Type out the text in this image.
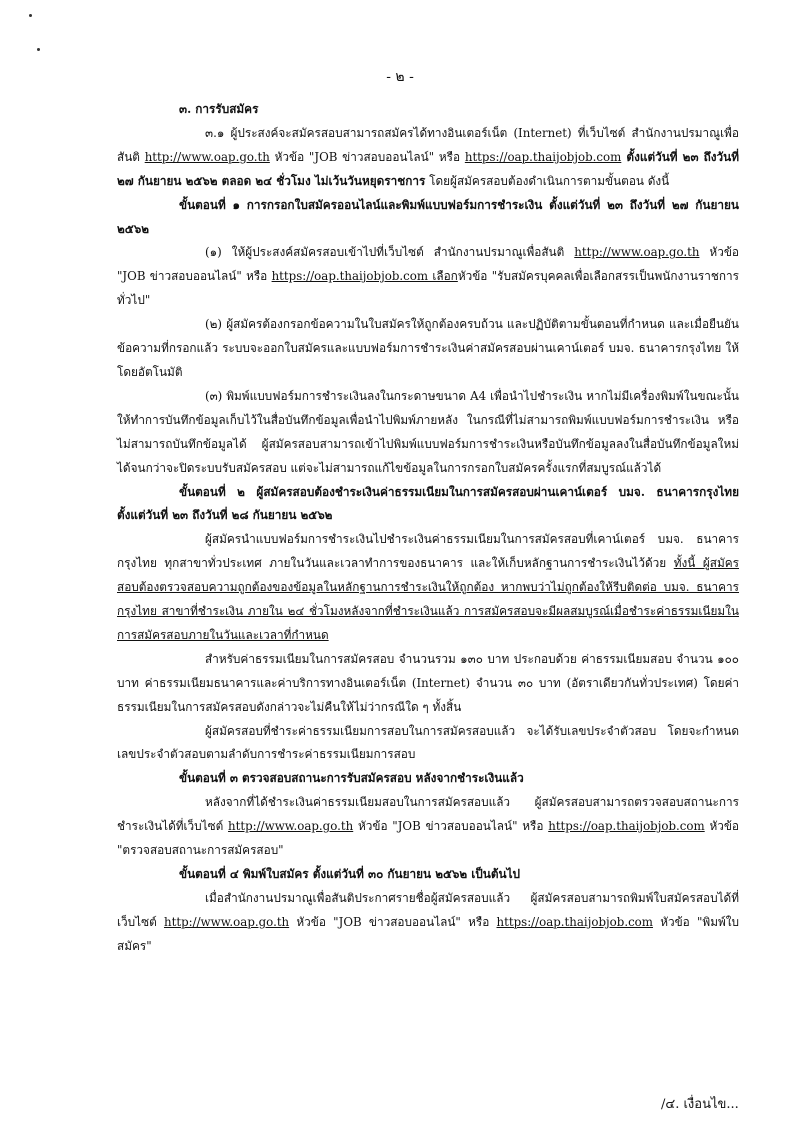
- ๒ -

๓. การรับสมัคร

๓.๑ ผู้ประสงค์จะสมัครสอบสามารถสมัครได้ทางอินเตอร์เน็ต (Internet) ที่เว็บไซต์ สำนักงานปรมาณูเพื่อสันติ http://www.oap.go.th หัวข้อ "JOB ข่าวสอบออนไลน์" หรือ https://oap.thaijobjob.com ตั้งแต่วันที่ ๒๓ ถึงวันที่ ๒๗ กันยายน ๒๕๖๒ ตลอด ๒๔ ชั่วโมง ไม่เว้นวันหยุดราชการ โดยผู้สมัครสอบต้องดำเนินการตามขั้นตอน ดังนี้

ขั้นตอนที่ ๑ การกรอกใบสมัครออนไลน์และพิมพ์แบบฟอร์มการชำระเงิน ตั้งแต่วันที่ ๒๓ ถึงวันที่ ๒๗ กันยายน ๒๕๖๒

(๑) ให้ผู้ประสงค์สมัครสอบเข้าไปที่เว็บไซต์ สำนักงานปรมาณูเพื่อสันติ http://www.oap.go.th หัวข้อ "JOB ข่าวสอบออนไลน์" หรือ https://oap.thaijobjob.com เลือกหัวข้อ "รับสมัครบุคคลเพื่อเลือกสรรเป็นพนักงานราชการทั่วไป"

(๒) ผู้สมัครต้องกรอกข้อความในใบสมัครให้ถูกต้องครบถ้วน และปฏิบัติตามขั้นตอนที่กำหนด และเมื่อยืนยันข้อความที่กรอกแล้ว ระบบจะออกใบสมัครและแบบฟอร์มการชำระเงินค่าสมัครสอบผ่านเคาน์เตอร์ บมจ. ธนาคารกรุงไทย ให้โดยอัตโนมัติ

(๓) พิมพ์แบบฟอร์มการชำระเงินลงในกระดาษขนาด A4 เพื่อนำไปชำระเงิน หากไม่มีเครื่องพิมพ์ในขณะนั้น ให้ทำการบันทึกข้อมูลเก็บไว้ในสื่อบันทึกข้อมูลเพื่อนำไปพิมพ์ภายหลัง ในกรณีที่ไม่สามารถพิมพ์แบบฟอร์มการชำระเงิน หรือไม่สามารถบันทึกข้อมูลได้ ผู้สมัครสอบสามารถเข้าไปพิมพ์แบบฟอร์มการชำระเงินหรือบันทึกข้อมูลลงในสื่อบันทึกข้อมูลใหม่ได้จนกว่าจะปิดระบบรับสมัครสอบ แต่จะไม่สามารถแก้ไขข้อมูลในการกรอกใบสมัครครั้งแรกที่สมบูรณ์แล้วได้

ขั้นตอนที่ ๒ ผู้สมัครสอบต้องชำระเงินค่าธรรมเนียมในการสมัครสอบผ่านเคาน์เตอร์ บมจ. ธนาคารกรุงไทย ตั้งแต่วันที่ ๒๓ ถึงวันที่ ๒๘ กันยายน ๒๕๖๒

ผู้สมัครนำแบบฟอร์มการชำระเงินไปชำระเงินค่าธรรมเนียมในการสมัครสอบที่เคาน์เตอร์ บมจ. ธนาคารกรุงไทย ทุกสาขาทั่วประเทศ ภายในวันและเวลาทำการของธนาคาร และให้เก็บหลักฐานการชำระเงินไว้ด้วย ทั้งนี้ ผู้สมัครสอบต้องตรวจสอบความถูกต้องของข้อมูลในหลักฐานการชำระเงินให้ถูกต้อง หากพบว่าไม่ถูกต้องให้รีบติดต่อ บมจ. ธนาคารกรุงไทย สาขาที่ชำระเงิน ภายใน ๒๔ ชั่วโมงหลังจากที่ชำระเงินแล้ว การสมัครสอบจะมีผลสมบูรณ์เมื่อชำระค่าธรรมเนียมในการสมัครสอบภายในวันและเวลาที่กำหนด

สำหรับค่าธรรมเนียมในการสมัครสอบ จำนวนรวม ๑๓๐ บาท ประกอบด้วย ค่าธรรมเนียมสอบ จำนวน ๑๐๐ บาท ค่าธรรมเนียมธนาคารและค่าบริการทางอินเตอร์เน็ต (Internet) จำนวน ๓๐ บาท (อัตราเดียวกันทั่วประเทศ) โดยค่าธรรมเนียมในการสมัครสอบดังกล่าวจะไม่คืนให้ไม่ว่ากรณีใด ๆ ทั้งสิ้น

ผู้สมัครสอบที่ชำระค่าธรรมเนียมการสอบในการสมัครสอบแล้ว จะได้รับเลขประจำตัวสอบ โดยจะกำหนดเลขประจำตัวสอบตามลำดับการชำระค่าธรรมเนียมการสอบ

ขั้นตอนที่ ๓ ตรวจสอบสถานะการรับสมัครสอบ หลังจากชำระเงินแล้ว

หลังจากที่ได้ชำระเงินค่าธรรมเนียมสอบในการสมัครสอบแล้ว ผู้สมัครสอบสามารถตรวจสอบสถานะการชำระเงินได้ที่เว็บไซต์ http://www.oap.go.th หัวข้อ "JOB ข่าวสอบออนไลน์" หรือ https://oap.thaijobjob.com หัวข้อ "ตรวจสอบสถานะการสมัครสอบ"

ขั้นตอนที่ ๔ พิมพ์ใบสมัคร ตั้งแต่วันที่ ๓๐ กันยายน ๒๕๖๒ เป็นต้นไป

เมื่อสำนักงานปรมาณูเพื่อสันติประกาศรายชื่อผู้สมัครสอบแล้ว ผู้สมัครสอบสามารถพิมพ์ใบสมัครสอบได้ที่เว็บไซต์ http://www.oap.go.th หัวข้อ "JOB ข่าวสอบออนไลน์" หรือ https://oap.thaijobjob.com หัวข้อ "พิมพ์ใบสมัคร"

/๔. เงื่อนไข...
